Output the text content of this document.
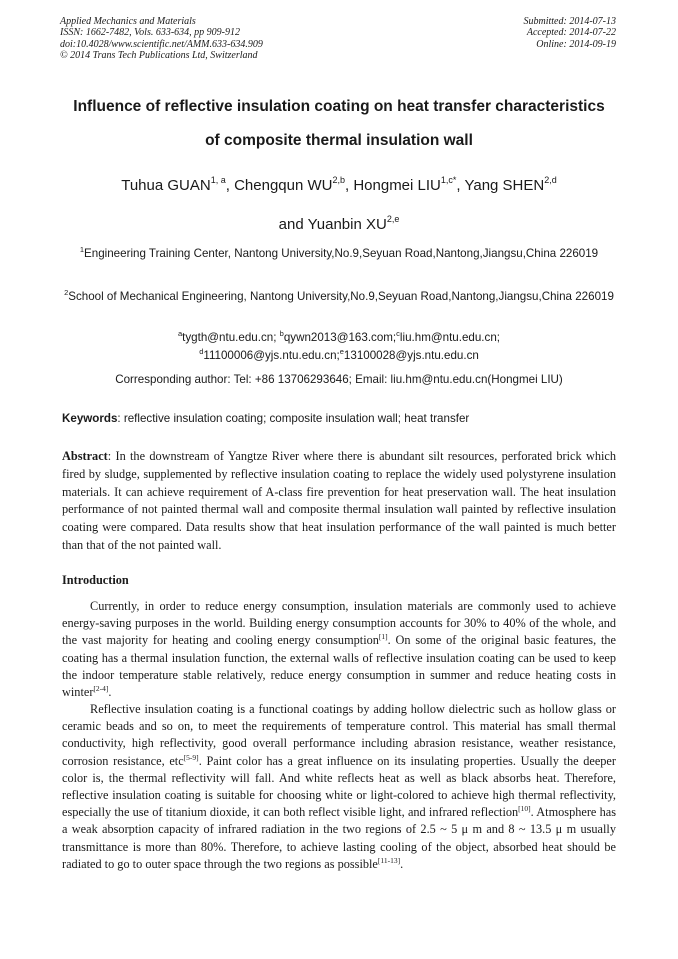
Applied Mechanics and Materials
ISSN: 1662-7482, Vols. 633-634, pp 909-912
doi:10.4028/www.scientific.net/AMM.633-634.909
© 2014 Trans Tech Publications Ltd, Switzerland
Submitted: 2014-07-13
Accepted: 2014-07-22
Online: 2014-09-19
Influence of reflective insulation coating on heat transfer characteristics
of composite thermal insulation wall
Tuhua GUAN$^{1, a}$, Chengqun WU$^{2,b}$, Hongmei $LIU^{1,c*}$, Yang SHEN$^{2,d}$
and Yuanbin XU$^{2,e}$
$^1$Engineering Training Center, Nantong University,No.9,Seyuan Road,Nantong,Jiangsu,China 226019
$^2$School of Mechanical Engineering, Nantong University,No.9,Seyuan Road,Nantong,Jiangsu,China 226019
$^a$tygth@ntu.edu.cn; $^b$qywn2013@163.com;$^c$liu.hm@ntu.edu.cn;
$^d$11100006@yjs.ntu.edu.cn;$^e$13100028@yjs.ntu.edu.cn
Corresponding author: Tel: +86 13706293646; Email: liu.hm@ntu.edu.cn(Hongmei LIU)
Keywords: reflective insulation coating; composite insulation wall; heat transfer
Abstract: In the downstream of Yangtze River where there is abundant silt resources, perforated brick which fired by sludge, supplemented by reflective insulation coating to replace the widely used polystyrene insulation materials. It can achieve requirement of A-class fire prevention for heat preservation wall. The heat insulation performance of not painted thermal wall and composite thermal insulation wall painted by reflective insulation coating were compared. Data results show that heat insulation performance of the wall painted is much better than that of the not painted wall.
Introduction

Currently, in order to reduce energy consumption, insulation materials are commonly used to achieve energy-saving purposes in the world. Building energy consumption accounts for 30% to 40% of the whole, and the vast majority for heating and cooling energy consumption[1]. On some of the original basic features, the coating has a thermal insulation function, the external walls of reflective insulation coating can be used to keep the indoor temperature stable relatively, reduce energy consumption in summer and reduce heating costs in winter[2-4].

Reflective insulation coating is a functional coatings by adding hollow dielectric such as hollow glass or ceramic beads and so on, to meet the requirements of temperature control. This material has small thermal conductivity, high reflectivity, good overall performance including abrasion resistance, weather resistance, corrosion resistance, etc[5-9]. Paint color has a great influence on its insulating properties. Usually the deeper color is, the thermal reflectivity will fall. And white reflects heat as well as black absorbs heat. Therefore, reflective insulation coating is suitable for choosing white or light-colored to achieve high thermal reflectivity, especially the use of titanium dioxide, it can both reflect visible light, and infrared reflection[10]. Atmosphere has a weak absorption capacity of infrared radiation in the two regions of 2.5 ~ 5 μ m and 8 ~ 13.5 μ m usually transmittance is more than 80%. Therefore, to achieve lasting cooling of the object, absorbed heat should be radiated to go to outer space through the two regions as possible[11-13].
